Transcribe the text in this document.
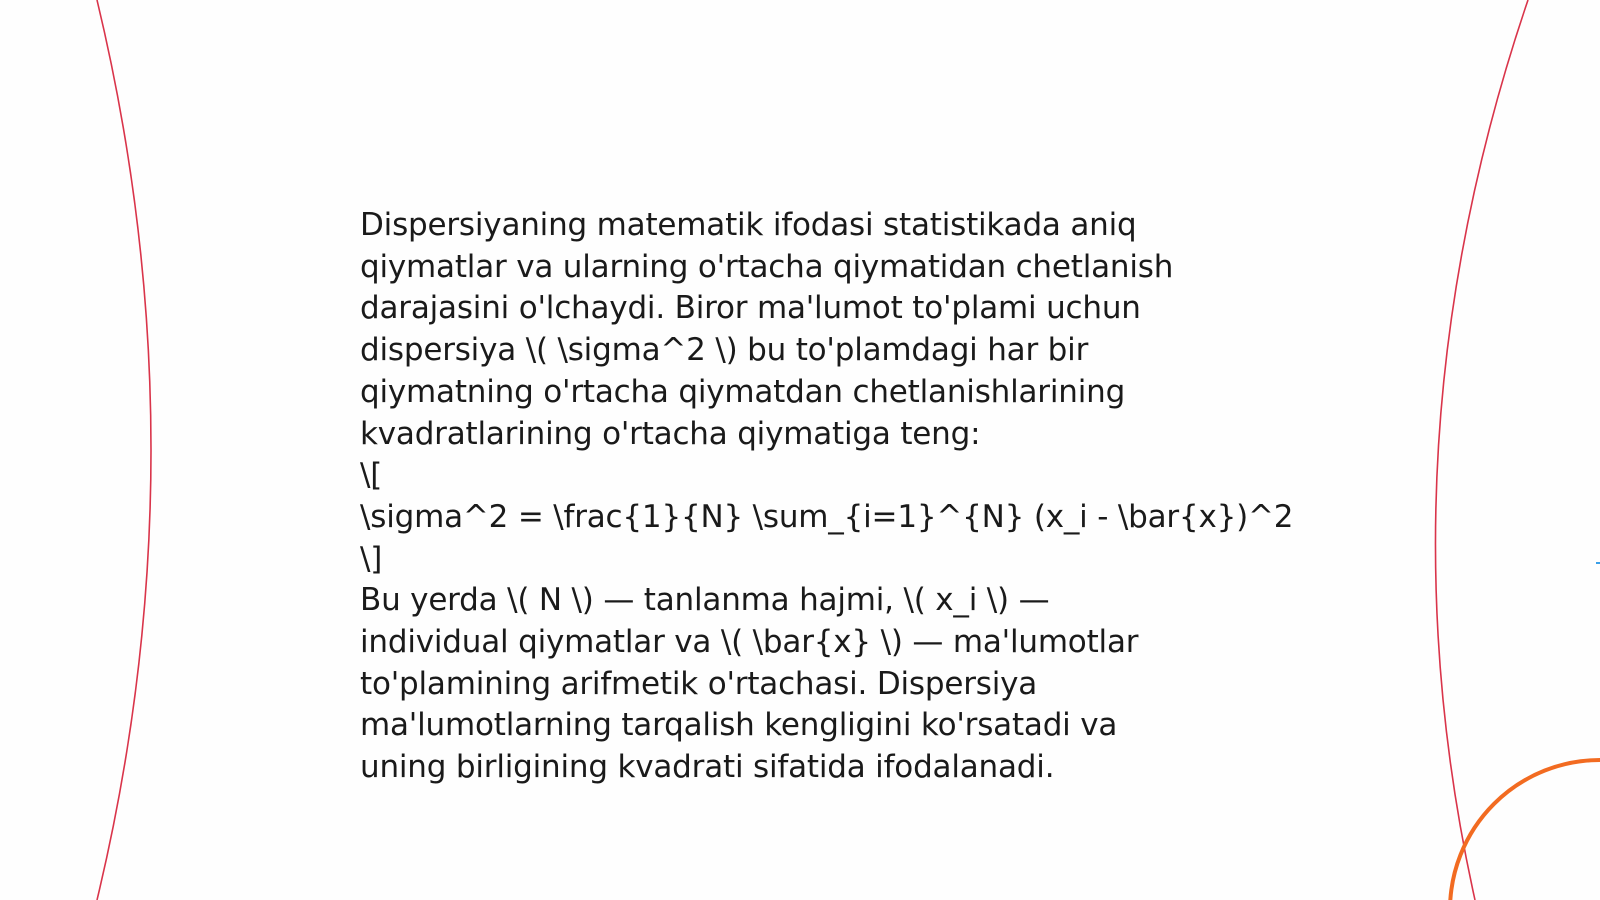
Dispersiyaning matematik ifodasi statistikada aniq
qiymatlar va ularning o'rtacha qiymatidan chetlanish
darajasini o'lchaydi. Biror ma'lumot to'plami uchun
dispersiya \( \sigma^2 \) bu to'plamdagi har bir
qiymatning o'rtacha qiymatdan chetlanishlarining
kvadratlarining o'rtacha qiymatiga teng:
\[
\sigma^2 = \frac{1}{N} \sum_{i=1}^{N} (x_i - \bar{x})^2
\]
Bu yerda \( N \) — tanlanma hajmi, \( x_i \) —
individual qiymatlar va \( \bar{x} \) — ma'lumotlar
to'plamining arifmetik o'rtachasi. Dispersiya
ma'lumotlarning tarqalish kengligini ko'rsatadi va
uning birligining kvadrati sifatida ifodalanadi.
